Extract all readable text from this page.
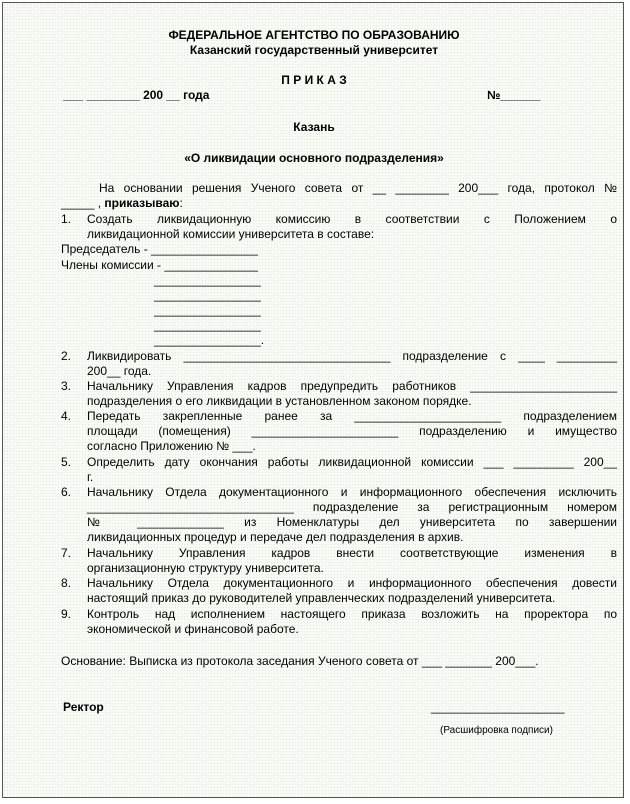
ФЕДЕРАЛЬНОЕ АГЕНТСТВО ПО ОБРАЗОВАНИЮ
Казанский государственный университет
П Р И К А З
___ ________ 200 __ года	№______
Казань
«О ликвидации основного подразделения»
На основании решения Ученого совета от __ ________ 200___ года, протокол №
_____ , приказываю:
1. Создать ликвидационную комиссию в соответствии с Положением о
ликвидационной комиссии университета в составе:
Председатель - ________________
Члены комиссии - ______________
________________
________________
________________
________________
________________.
2. Ликвидировать _______________________________ подразделение с ____ _________
200__ года.
3. Начальнику Управления кадров предупредить работников ______________________
подразделения о его ликвидации в установленном законом порядке.
4. Передать закрепленные ранее за ______________________ подразделением
площади (помещения) ______________________ подразделению и имущество
согласно Приложению № ___.
5. Определить дату окончания работы ликвидационной комиссии ___ _________ 200__
г.
6. Начальнику Отдела документационного и информационного обеспечения исключить
_______________________________ подразделение за регистрационным номером
№ _____________ из Номенклатуры дел университета по завершении
ликвидационных процедур и передаче дел подразделения в архив.
7. Начальнику Управления кадров внести соответствующие изменения в
организационную структуру университета.
8. Начальнику Отдела документационного и информационного обеспечения довести
настоящий приказ до руководителей управленческих подразделений университета.
9. Контроль над исполнением настоящего приказа возложить на проректора по
экономической и финансовой работе.
Основание: Выписка из протокола заседания Ученого совета от ___ _______ 200___.
Ректор	____________________
(Расшифровка подписи)
